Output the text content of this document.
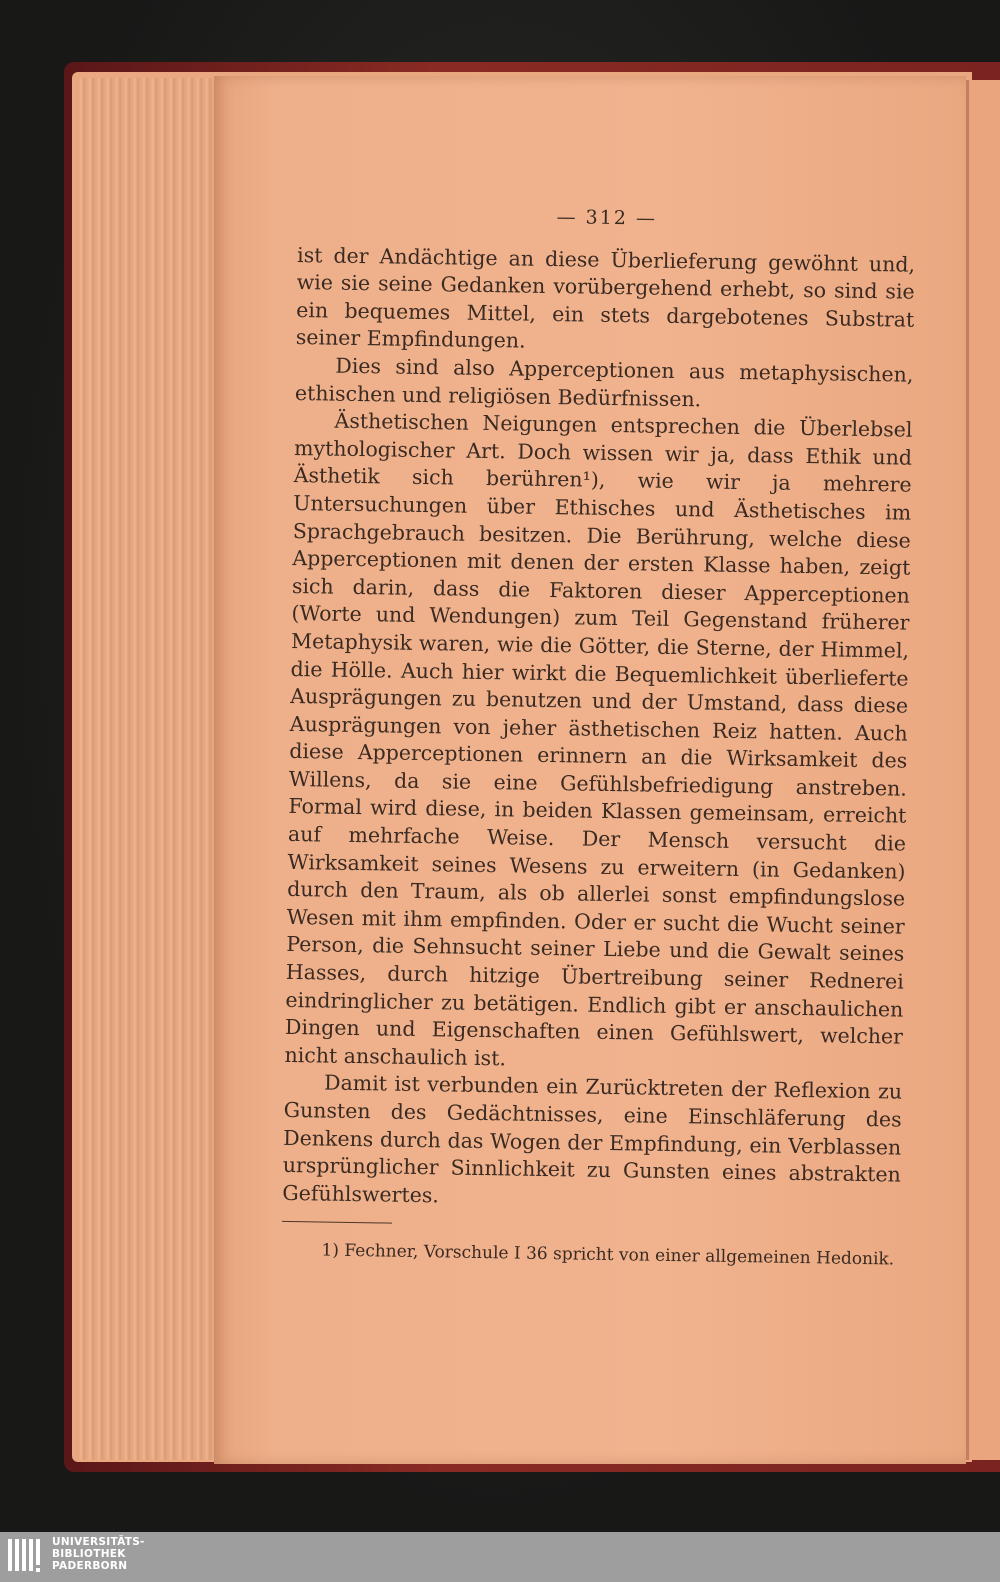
— 312 —

ist der Andächtige an diese Überlieferung gewöhnt und, wie sie seine Gedanken vorübergehend erhebt, so sind sie ein bequemes Mittel, ein stets dargebotenes Substrat seiner Empfindungen.

Dies sind also Apperceptionen aus metaphysischen, ethischen und religiösen Bedürfnissen.

Ästhetischen Neigungen entsprechen die Überlebsel mythologischer Art. Doch wissen wir ja, dass Ethik und Ästhetik sich berühren¹), wie wir ja mehrere Untersuchungen über Ethisches und Ästhetisches im Sprachgebrauch besitzen. Die Berührung, welche diese Apperceptionen mit denen der ersten Klasse haben, zeigt sich darin, dass die Faktoren dieser Apperceptionen (Worte und Wendungen) zum Teil Gegenstand früherer Metaphysik waren, wie die Götter, die Sterne, der Himmel, die Hölle. Auch hier wirkt die Bequemlichkeit überlieferte Ausprägungen zu benutzen und der Umstand, dass diese Ausprägungen von jeher ästhetischen Reiz hatten. Auch diese Apperceptionen erinnern an die Wirksamkeit des Willens, da sie eine Gefühlsbefriedigung anstreben. Formal wird diese, in beiden Klassen gemeinsam, erreicht auf mehrfache Weise. Der Mensch versucht die Wirksamkeit seines Wesens zu erweitern (in Gedanken) durch den Traum, als ob allerlei sonst empfindungslose Wesen mit ihm empfinden. Oder er sucht die Wucht seiner Person, die Sehnsucht seiner Liebe und die Gewalt seines Hasses, durch hitzige Übertreibung seiner Rednerei eindringlicher zu betätigen. Endlich gibt er anschaulichen Dingen und Eigenschaften einen Gefühlswert, welcher nicht anschaulich ist.

Damit ist verbunden ein Zurücktreten der Reflexion zu Gunsten des Gedächtnisses, eine Einschläferung des Denkens durch das Wogen der Empfindung, ein Verblassen ursprünglicher Sinnlichkeit zu Gunsten eines abstrakten Gefühlswertes.

1) Fechner, Vorschule I 36 spricht von einer allgemeinen Hedonik.

UNIVERSITÄTS-
BIBLIOTHEK
PADERBORN
